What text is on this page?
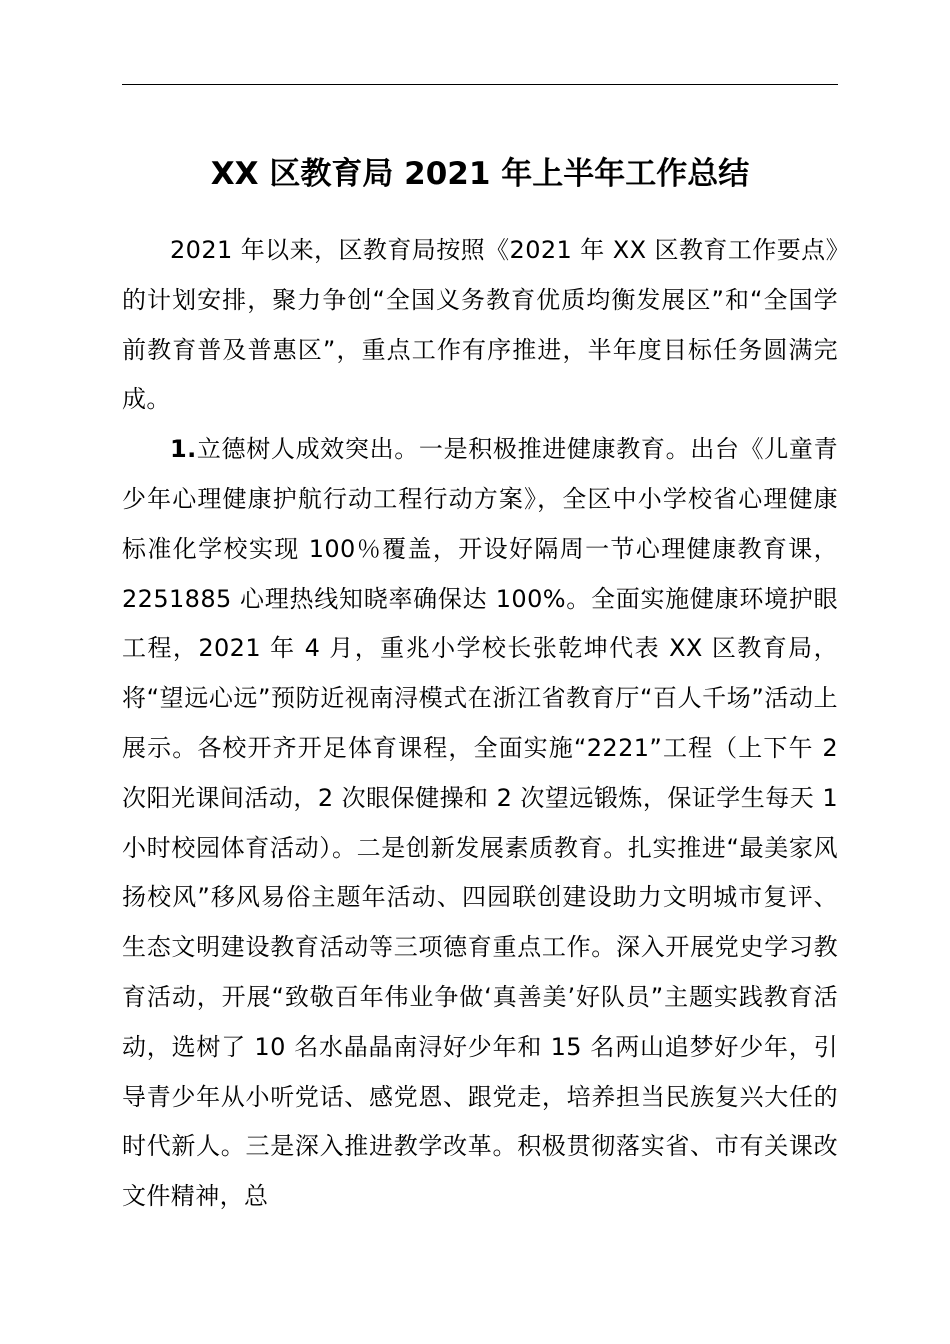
XX 区教育局 2021 年上半年工作总结

2021 年以来，区教育局按照《2021 年 XX 区教育工作要点》的计划安排，聚力争创“全国义务教育优质均衡发展区”和“全国学前教育普及普惠区”，重点工作有序推进，半年度目标任务圆满完成。

1.立德树人成效突出。一是积极推进健康教育。出台《儿童青少年心理健康护航行动工程行动方案》，全区中小学校省心理健康标准化学校实现 100％覆盖，开设好隔周一节心理健康教育课，2251885 心理热线知晓率确保达 100%。全面实施健康环境护眼工程，2021 年 4 月，重兆小学校长张乾坤代表 XX 区教育局，将“望远心远”预防近视南浔模式在浙江省教育厅“百人千场”活动上展示。各校开齐开足体育课程，全面实施“2221”工程（上下午 2 次阳光课间活动，2 次眼保健操和 2 次望远锻炼，保证学生每天 1 小时校园体育活动）。二是创新发展素质教育。扎实推进“最美家风扬校风”移风易俗主题年活动、四园联创建设助力文明城市复评、生态文明建设教育活动等三项德育重点工作。深入开展党史学习教育活动，开展“致敬百年伟业争做‘真善美’好队员”主题实践教育活动，选树了 10 名水晶晶南浔好少年和 15 名两山追梦好少年，引导青少年从小听党话、感党恩、跟党走，培养担当民族复兴大任的时代新人。三是深入推进教学改革。积极贯彻落实省、市有关课改文件精神，总
